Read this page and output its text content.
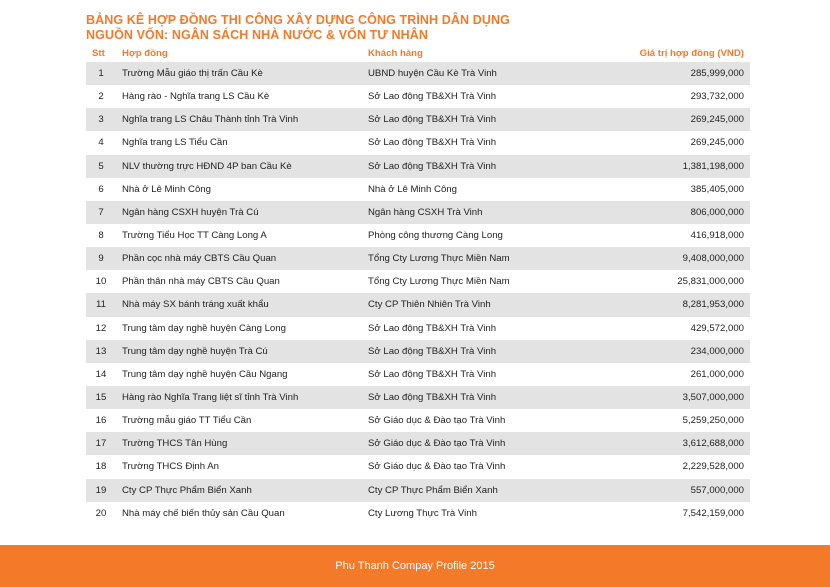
BẢNG KÊ HỢP ĐỒNG THI CÔNG XÂY DỰNG CÔNG TRÌNH DÂN DỤNG
NGUỒN VỐN: NGÂN SÁCH NHÀ NƯỚC & VỐN TƯ NHÂN
Stt	Hợp đồng	Khách hàng	Giá trị hợp đồng (VND)
1	Trường Mẫu giáo thị trấn Cầu Kè	UBND huyện Cầu Kè Trà Vinh	285,999,000
2	Hàng rào - Nghĩa trang LS Cầu Kè	Sở Lao động TB&XH Trà Vinh	293,732,000
3	Nghĩa trang LS Châu Thành tỉnh Trà Vinh	Sở Lao động TB&XH Trà Vinh	269,245,000
4	Nghĩa trang LS Tiểu Cần	Sở Lao động TB&XH Trà Vinh	269,245,000
5	NLV thường trực HĐND 4P ban Cầu Kè	Sở Lao động TB&XH Trà Vinh	1,381,198,000
6	Nhà ở Lê Minh Công	Nhà ở Lê Minh Công	385,405,000
7	Ngân hàng CSXH huyện Trà Cú	Ngân hàng CSXH Trà Vinh	806,000,000
8	Trường Tiểu Học TT Càng Long A	Phòng công thương Càng Long	416,918,000
9	Phần cọc nhà máy CBTS Cầu Quan	Tổng Cty Lương Thực Miền Nam	9,408,000,000
10	Phần thân nhà máy CBTS Cầu Quan	Tổng Cty Lương Thực Miền Nam	25,831,000,000
11	Nhà máy SX bánh tráng xuất khẩu	Cty CP Thiên Nhiên Trà Vinh	8,281,953,000
12	Trung tâm dạy nghề huyện Càng Long	Sở Lao động TB&XH Trà Vinh	429,572,000
13	Trung tâm dạy nghề huyện Trà Cú	Sở Lao động TB&XH Trà Vinh	234,000,000
14	Trung tâm dạy nghề huyện Cầu Ngang	Sở Lao động TB&XH Trà Vinh	261,000,000
15	Hàng rào Nghĩa Trang liệt sĩ tỉnh Trà Vinh	Sở Lao động TB&XH Trà Vinh	3,507,000,000
16	Trường mẫu giáo TT Tiểu Cần	Sở Giáo dục & Đào tạo Trà Vinh	5,259,250,000
17	Trường THCS Tân Hùng	Sở Giáo dục & Đào tạo Trà Vinh	3,612,688,000
18	Trường THCS Định An	Sở Giáo dục & Đào tạo Trà Vinh	2,229,528,000
19	Cty CP Thực Phẩm Biển Xanh	Cty CP Thực Phẩm Biển Xanh	557,000,000
20	Nhà máy chế biến thủy sản Cầu Quan	Cty Lương Thực Trà Vinh	7,542,159,000
Phu Thanh Compay Profile 2015
